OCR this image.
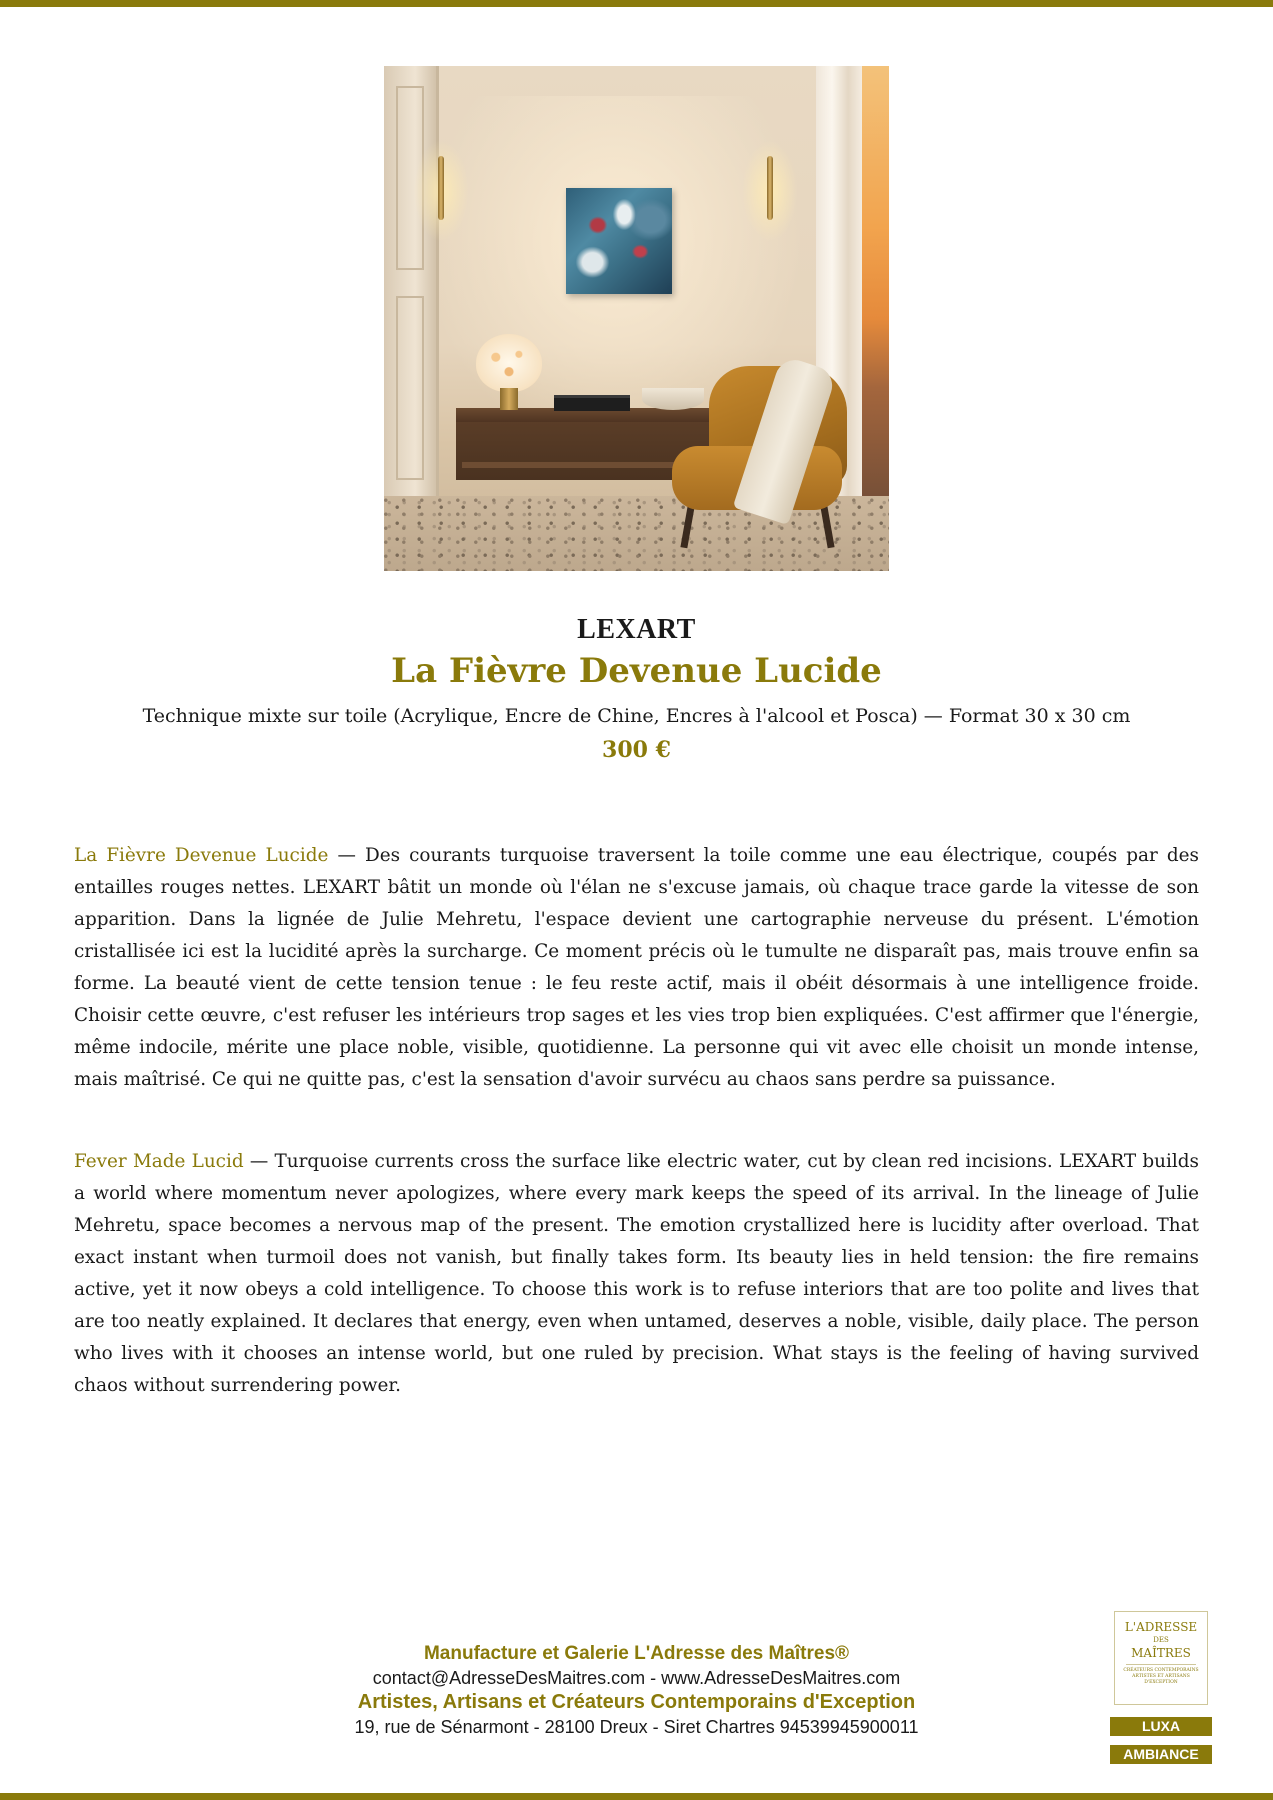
LEXART
La Fièvre Devenue Lucide
Technique mixte sur toile (Acrylique, Encre de Chine, Encres à l'alcool et Posca) — Format 30 x 30 cm
300 €

La Fièvre Devenue Lucide — Des courants turquoise traversent la toile comme une eau électrique, coupés par des entailles rouges nettes. LEXART bâtit un monde où l'élan ne s'excuse jamais, où chaque trace garde la vitesse de son apparition. Dans la lignée de Julie Mehretu, l'espace devient une cartographie nerveuse du présent. L'émotion cristallisée ici est la lucidité après la surcharge. Ce moment précis où le tumulte ne disparaît pas, mais trouve enfin sa forme. La beauté vient de cette tension tenue : le feu reste actif, mais il obéit désormais à une intelligence froide. Choisir cette œuvre, c'est refuser les intérieurs trop sages et les vies trop bien expliquées. C'est affirmer que l'énergie, même indocile, mérite une place noble, visible, quotidienne. La personne qui vit avec elle choisit un monde intense, mais maîtrisé. Ce qui ne quitte pas, c'est la sensation d'avoir survécu au chaos sans perdre sa puissance.

Fever Made Lucid — Turquoise currents cross the surface like electric water, cut by clean red incisions. LEXART builds a world where momentum never apologizes, where every mark keeps the speed of its arrival. In the lineage of Julie Mehretu, space becomes a nervous map of the present. The emotion crystallized here is lucidity after overload. That exact instant when turmoil does not vanish, but finally takes form. Its beauty lies in held tension: the fire remains active, yet it now obeys a cold intelligence. To choose this work is to refuse interiors that are too polite and lives that are too neatly explained. It declares that energy, even when untamed, deserves a noble, visible, daily place. The person who lives with it chooses an intense world, but one ruled by precision. What stays is the feeling of having survived chaos without surrendering power.

Manufacture et Galerie L'Adresse des Maîtres®
contact@AdresseDesMaitres.com - www.AdresseDesMaitres.com
Artistes, Artisans et Créateurs Contemporains d'Exception
19, rue de Sénarmont - 28100 Dreux - Siret Chartres 94539945900011
L'ADRESSE
DES
MAÎTRES
CRÉATEURS CONTEMPORAINS ARTISTES ET ARTISANS D'EXCEPTION
LUXA
AMBIANCE
